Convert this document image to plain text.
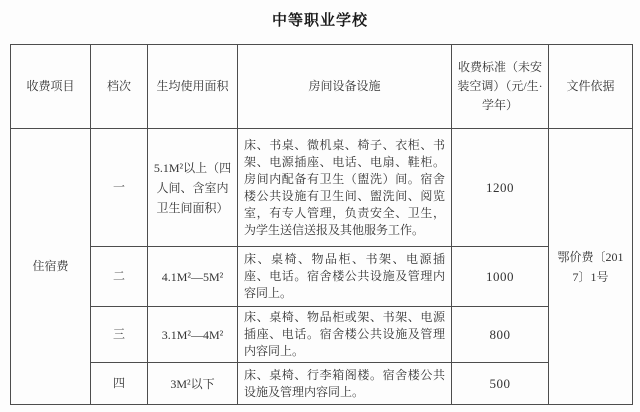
中等职业学校
收费项目	档次	生均使用面积	房间设备设施	收费标准（未安装空调）（元/生·学年）	文件依据
住宿费	一	5.1M²以上（四人间、含室内卫生间面积）	床、书桌、微机桌、椅子、衣柜、书架、电源插座、电话、电扇、鞋柜。房间内配备有卫生（盥洗）间。宿舍楼公共设施有卫生间、盥洗间、阅览室，有专人管理，负责安全、卫生，为学生送信送报及其他服务工作。	1200	鄂价费〔2017〕1号
	二	4.1M²—5M²	床、桌椅、物品柜、书架、电源插座、电话。宿舍楼公共设施及管理内容同上。	1000	
	三	3.1M²—4M²	床、桌椅、物品柜或架、书架、电源插座、电话。宿舍楼公共设施及管理内容同上。	800	
	四	3M²以下	床、桌椅、行李箱阁楼。宿舍楼公共设施及管理内容同上。	500	
